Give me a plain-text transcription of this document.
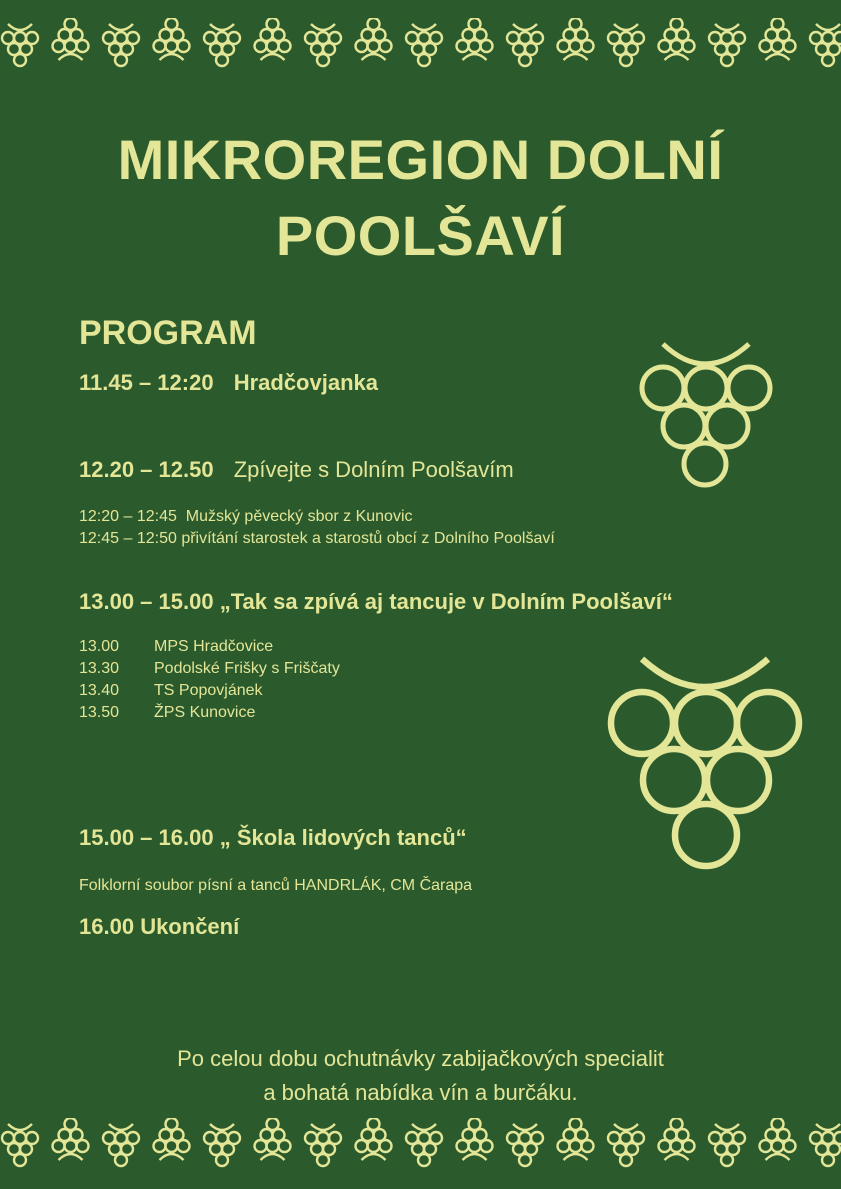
MIKROREGION DOLNÍ
POOLŠAVÍ
PROGRAM
11.45 – 12:20 Hradčovjanka
12.20 – 12.50 Zpívejte s Dolním Poolšavím
12:20 – 12:45  Mužský pěvecký sbor z Kunovic
12:45 – 12:50 přivítání starostek a starostů obcí z Dolního Poolšaví
13.00 – 15.00 „Tak sa zpívá aj tancuje v Dolním Poolšaví“
13.00	MPS Hradčovice
13.30	Podolské Frišky s Friščaty
13.40	TS Popovjánek
13.50	ŽPS Kunovice
15.00 – 16.00 „ Škola lidových tanců“
Folklorní soubor písní a tanců HANDRLÁK, CM Čarapa
16.00 Ukončení
Po celou dobu ochutnávky zabijačkových specialit
a bohatá nabídka vín a burčáku.
